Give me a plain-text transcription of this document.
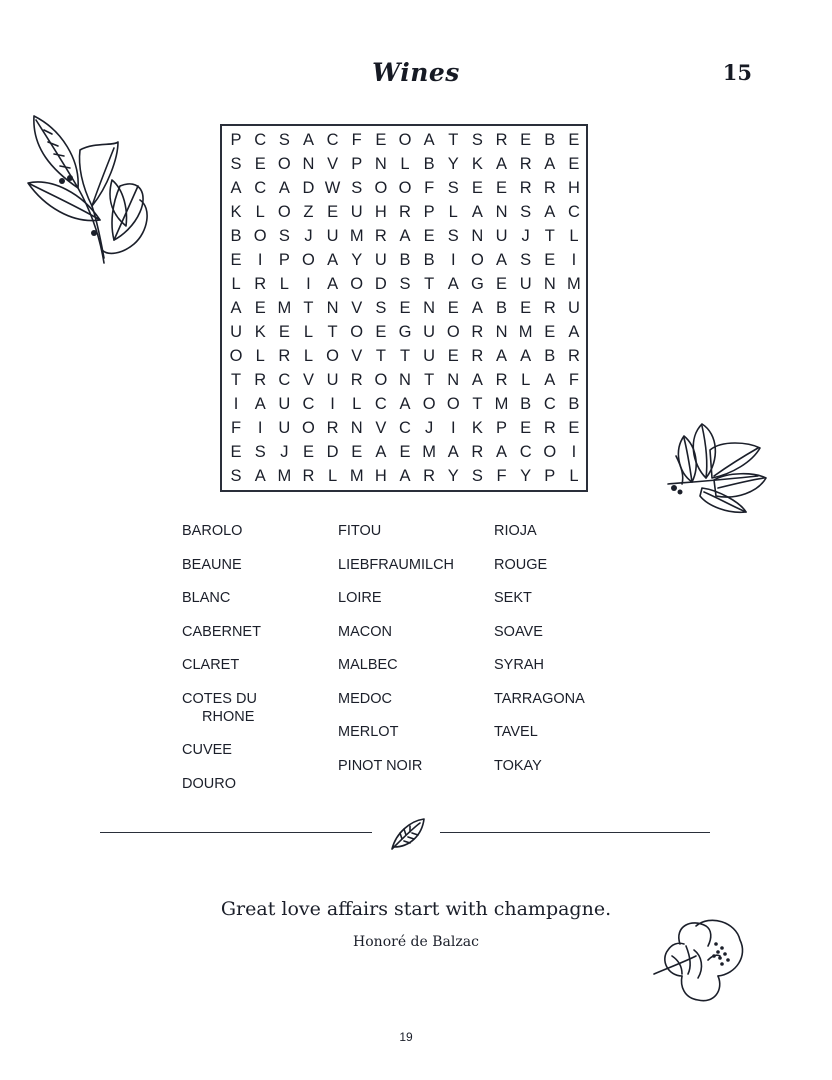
Wines	15
P C S A C F E O A T S R E B E
S E O N V P N L B Y K A R A E
A C A D W S O O F S E E R R H
K L O Z E U H R P L A N S A C
B O S J U M R A E S N U J T L
E I P O A Y U B B I O A S E I
L R L	I A O D S T A G E U N M
A E M T N V S E N E A B E R U
U K E L T O E G U O R N M E A
O L R L O V T T U E R A A B R
T R C V U R O N T N A R L A F
I A U C I	L C A O O T M B C B
F	I U O R N V C J	I K P E R E
E S J E D E A E M A R A C O I
S A M R L M H A R Y S F Y P L
BAROLO
BEAUNE
BLANC
CABERNET
CLARET
COTES DU
RHONE
CUVEE
DOURO
FITOU
LIEBFRAUMILCH
LOIRE
MACON
MALBEC
MEDOC
MERLOT
PINOT NOIR
RIOJA
ROUGE
SEKT
SOAVE
SYRAH
TARRAGONA
TAVEL
TOKAY
Great love affairs start with champagne.
Honoré de Balzac
19
